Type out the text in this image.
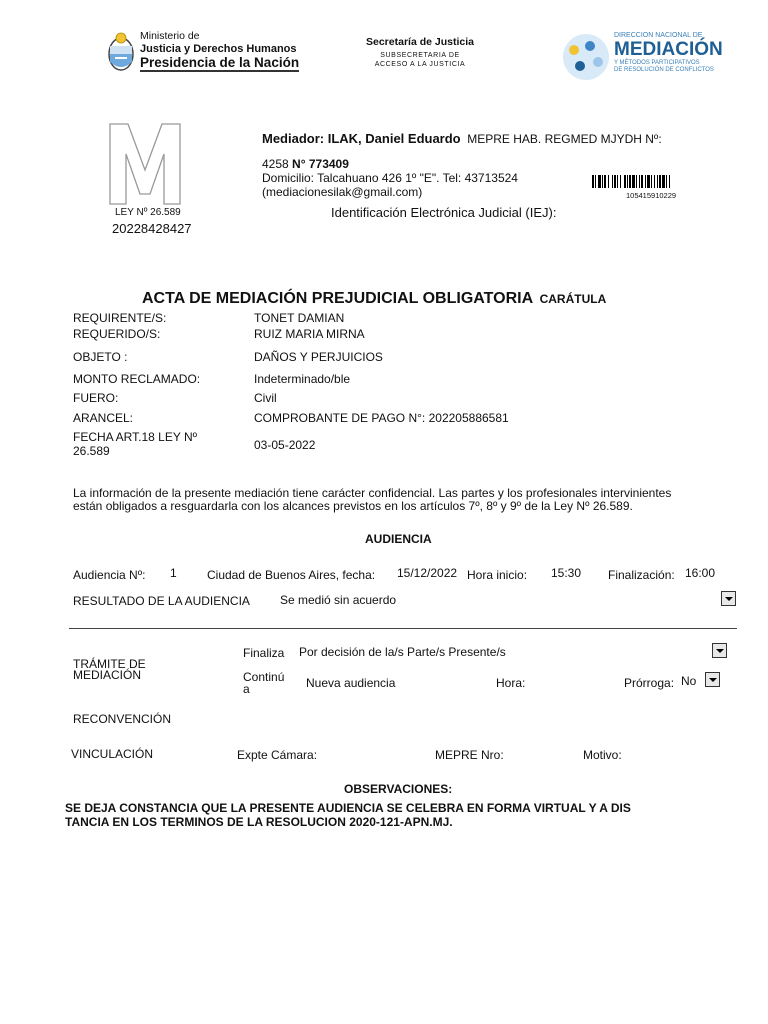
Ministerio de
Justicia y Derechos Humanos
Presidencia de la Nación
Secretaría de Justicia
SUBSECRETARIA DE
ACCESO A LA JUSTICIA
DIRECCIÓN NACIONAL DE
MEDIACIÓN
Y MÉTODOS PARTICIPATIVOS
DE RESOLUCIÓN DE CONFLICTOS
LEY Nº 26.589
20228428427
Mediador: ILAK, Daniel Eduardo MEPRE HAB. REGMED MJYDH Nº:
4258 N° 773409
Domicilio: Talcahuano 426 1º "E". Tel: 43713524
(mediacionesilak@gmail.com)
Identificación Electrónica Judicial (IEJ):
105415910229
ACTA DE MEDIACIÓN PREJUDICIAL OBLIGATORIA CARÁTULA
REQUIRENTE/S:	TONET DAMIAN
REQUERIDO/S:	RUIZ MARIA MIRNA
OBJETO :	DAÑOS Y PERJUICIOS
MONTO RECLAMADO:	Indeterminado/ble
FUERO:	Civil
ARANCEL:	COMPROBANTE DE PAGO N°: 202205886581
FECHA ART.18 LEY Nº
26.589	03-05-2022
La información de la presente mediación tiene carácter confidencial. Las partes y los profesionales intervinientes
están obligados a resguardarla con los alcances previstos en los artículos 7º, 8º y 9º de la Ley Nº 26.589.
AUDIENCIA
Audiencia Nº: 1	Ciudad de Buenos Aires, fecha: 15/12/2022 Hora inicio: 15:30 Finalización: 16:00
RESULTADO DE LA AUDIENCIA	Se medió sin acuerdo
TRÁMITE DE
MEDIACIÓN
Finaliza Por decisión de la/s Parte/s Presente/s
Continú
a	Nueva audiencia	Hora:	Prórroga: No
RECONVENCIÓN
VINCULACIÓN	Expte Cámara:	MEPRE Nro:	Motivo:
OBSERVACIONES:
SE DEJA CONSTANCIA QUE LA PRESENTE AUDIENCIA SE CELEBRA EN FORMA VIRTUAL Y A DIS
TANCIA EN LOS TERMINOS DE LA RESOLUCION 2020-121-APN.MJ.
